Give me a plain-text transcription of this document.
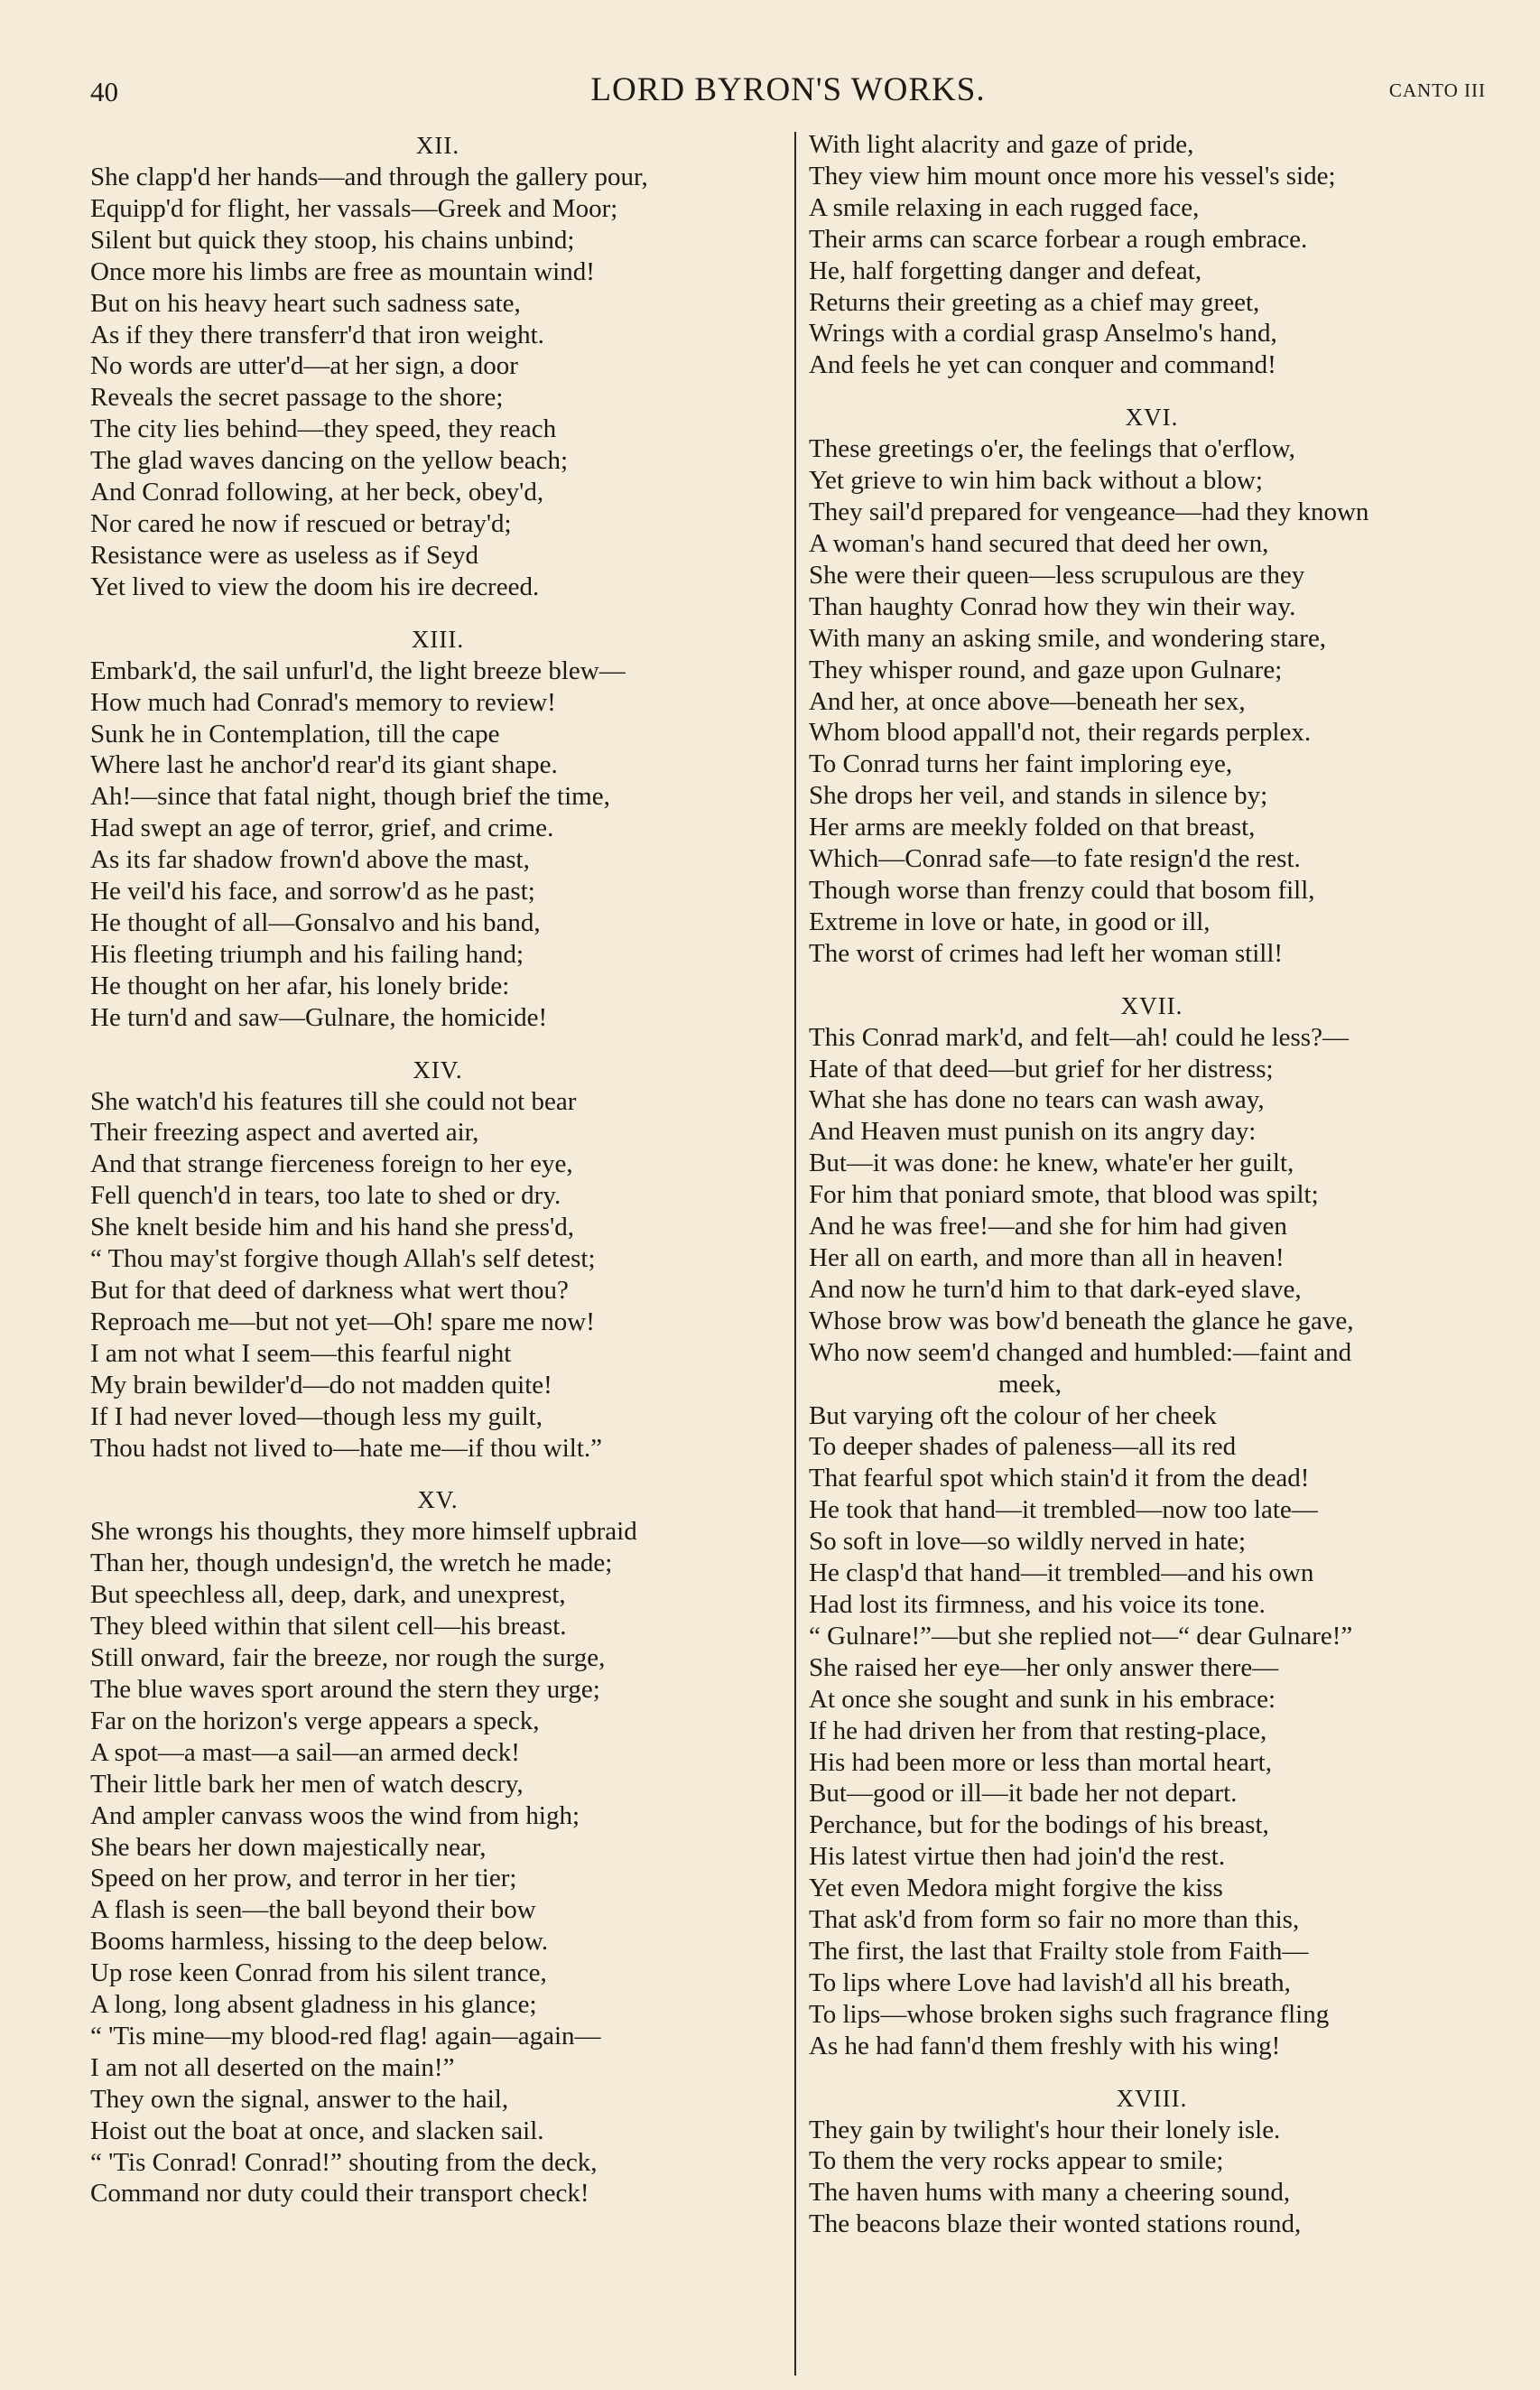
40	LORD BYRON'S WORKS.	CANTO III
XII.
She clapp'd her hands—and through the gallery pour,
Equipp'd for flight, her vassals—Greek and Moor;
Silent but quick they stoop, his chains unbind;
Once more his limbs are free as mountain wind!
But on his heavy heart such sadness sate,
As if they there transferr'd that iron weight.
No words are utter'd—at her sign, a door
Reveals the secret passage to the shore;
The city lies behind—they speed, they reach
The glad waves dancing on the yellow beach;
And Conrad following, at her beck, obey'd,
Nor cared he now if rescued or betray'd;
Resistance were as useless as if Seyd
Yet lived to view the doom his ire decreed.
XIII.
Embark'd, the sail unfurl'd, the light breeze blew—
How much had Conrad's memory to review!
Sunk he in Contemplation, till the cape
Where last he anchor'd rear'd its giant shape.
Ah!—since that fatal night, though brief the time,
Had swept an age of terror, grief, and crime.
As its far shadow frown'd above the mast,
He veil'd his face, and sorrow'd as he past;
He thought of all—Gonsalvo and his band,
His fleeting triumph and his failing hand;
He thought on her afar, his lonely bride:
He turn'd and saw—Gulnare, the homicide!
XIV.
She watch'd his features till she could not bear
Their freezing aspect and averted air,
And that strange fierceness foreign to her eye,
Fell quench'd in tears, too late to shed or dry.
She knelt beside him and his hand she press'd,
“ Thou may'st forgive though Allah's self detest;
But for that deed of darkness what wert thou?
Reproach me—but not yet—Oh! spare me now!
I am not what I seem—this fearful night
My brain bewilder'd—do not madden quite!
If I had never loved—though less my guilt,
Thou hadst not lived to—hate me—if thou wilt.”
XV.
She wrongs his thoughts, they more himself upbraid
Than her, though undesign'd, the wretch he made;
But speechless all, deep, dark, and unexprest,
They bleed within that silent cell—his breast.
Still onward, fair the breeze, nor rough the surge,
The blue waves sport around the stern they urge;
Far on the horizon's verge appears a speck,
A spot—a mast—a sail—an armed deck!
Their little bark her men of watch descry,
And ampler canvass woos the wind from high;
She bears her down majestically near,
Speed on her prow, and terror in her tier;
A flash is seen—the ball beyond their bow
Booms harmless, hissing to the deep below.
Up rose keen Conrad from his silent trance,
A long, long absent gladness in his glance;
“ 'Tis mine—my blood-red flag! again—again—
I am not all deserted on the main!”
They own the signal, answer to the hail,
Hoist out the boat at once, and slacken sail.
“ 'Tis Conrad! Conrad!” shouting from the deck,
Command nor duty could their transport check!
With light alacrity and gaze of pride,
They view him mount once more his vessel's side;
A smile relaxing in each rugged face,
Their arms can scarce forbear a rough embrace.
He, half forgetting danger and defeat,
Returns their greeting as a chief may greet,
Wrings with a cordial grasp Anselmo's hand,
And feels he yet can conquer and command!
XVI.
These greetings o'er, the feelings that o'erflow,
Yet grieve to win him back without a blow;
They sail'd prepared for vengeance—had they known
A woman's hand secured that deed her own,
She were their queen—less scrupulous are they
Than haughty Conrad how they win their way.
With many an asking smile, and wondering stare,
They whisper round, and gaze upon Gulnare;
And her, at once above—beneath her sex,
Whom blood appall'd not, their regards perplex.
To Conrad turns her faint imploring eye,
She drops her veil, and stands in silence by;
Her arms are meekly folded on that breast,
Which—Conrad safe—to fate resign'd the rest.
Though worse than frenzy could that bosom fill,
Extreme in love or hate, in good or ill,
The worst of crimes had left her woman still!
XVII.
This Conrad mark'd, and felt—ah! could he less?—
Hate of that deed—but grief for her distress;
What she has done no tears can wash away,
And Heaven must punish on its angry day:
But—it was done: he knew, whate'er her guilt,
For him that poniard smote, that blood was spilt;
And he was free!—and she for him had given
Her all on earth, and more than all in heaven!
And now he turn'd him to that dark-eyed slave,
Whose brow was bow'd beneath the glance he gave,
Who now seem'd changed and humbled:—faint and
meek,
But varying oft the colour of her cheek
To deeper shades of paleness—all its red
That fearful spot which stain'd it from the dead!
He took that hand—it trembled—now too late—
So soft in love—so wildly nerved in hate;
He clasp'd that hand—it trembled—and his own
Had lost its firmness, and his voice its tone.
“ Gulnare!”—but she replied not—“ dear Gulnare!”
She raised her eye—her only answer there—
At once she sought and sunk in his embrace:
If he had driven her from that resting-place,
His had been more or less than mortal heart,
But—good or ill—it bade her not depart.
Perchance, but for the bodings of his breast,
His latest virtue then had join'd the rest.
Yet even Medora might forgive the kiss
That ask'd from form so fair no more than this,
The first, the last that Frailty stole from Faith—
To lips where Love had lavish'd all his breath,
To lips—whose broken sighs such fragrance fling
As he had fann'd them freshly with his wing!
XVIII.
They gain by twilight's hour their lonely isle.
To them the very rocks appear to smile;
The haven hums with many a cheering sound,
The beacons blaze their wonted stations round,
